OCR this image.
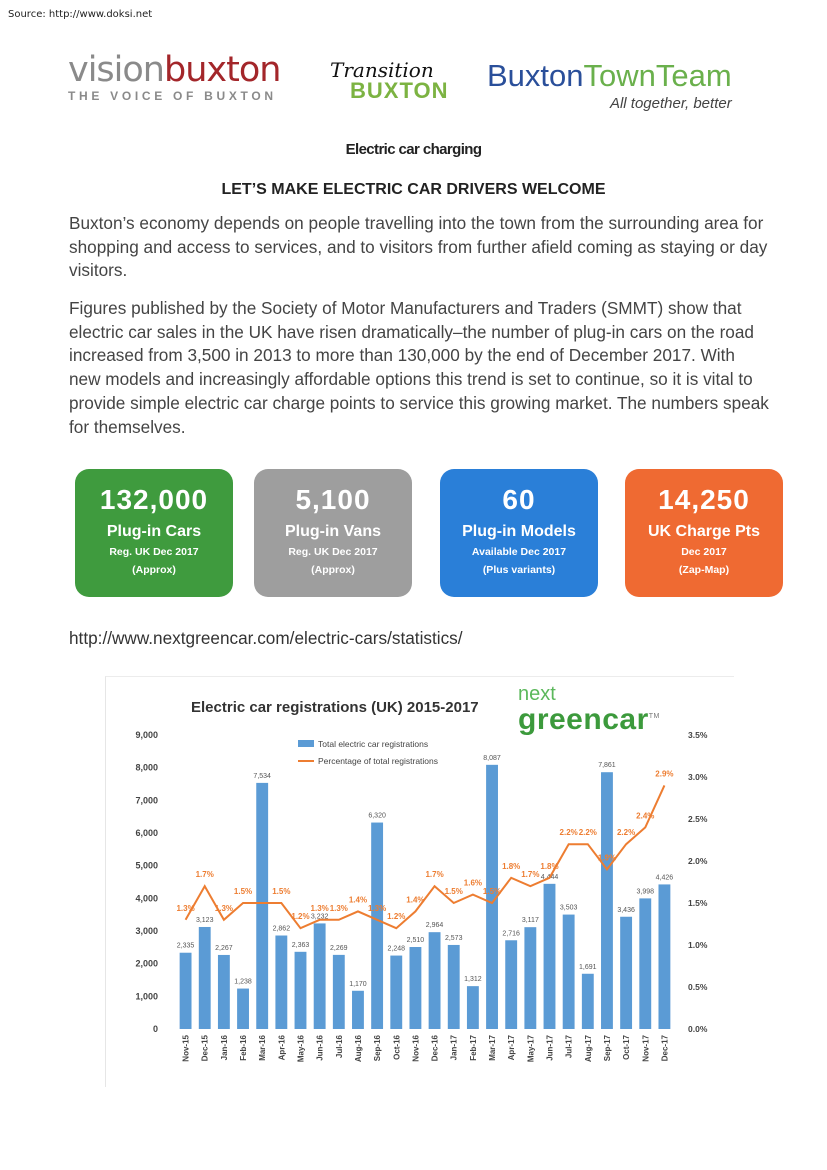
Source: http://www.doksi.net
visionbuxton
THE VOICE OF BUXTON
Transition
BUXTON BuxtonTownTeam
All together, better
Electric car charging
LET’S MAKE ELECTRIC CAR DRIVERS WELCOME
Buxton’s economy depends on people travelling into the town from the surrounding area for shopping and access to services, and to visitors from further afield coming as staying or day visitors.
Figures published by the Society of Motor Manufacturers and Traders (SMMT) show that electric car sales in the UK have risen dramatically–the number of plug-in cars on the road increased from 3,500 in 2013 to more than 130,000 by the end of December 2017. With new models and increasingly affordable options this trend is set to continue, so it is vital to provide simple electric car charge points to service this growing market. The numbers speak for themselves.
132,000
Plug-in Cars
Reg. UK Dec 2017
(Approx)
5,100
Plug-in Vans
Reg. UK Dec 2017
(Approx)
60
Plug-in Models
Available Dec 2017
(Plus variants)
14,250
UK Charge Pts
Dec 2017
(Zap-Map)
http://www.nextgreencar.com/electric-cars/statistics/
Electric car registrations (UK) 2015-2017
0
1,000
2,000
3,000
4,000
5,000
6,000
7,000
8,000
9,000
0.0%
0.5%
1.0%
1.5%
2.0%
2.5%
3.0%
3.5%
2,335
3,123
2,267
1,238
7,534
2,862
2,363
3,232
2,269
1,170
6,320
2,248
2,510
2,964
2,573
1,312
8,087
2,716
3,117
4,444
3,503
1,691
7,861
3,436
3,998
4,426
1.3%
1.7%
1.3%
1.5%	1.5%
1.2%
1.3% 1.3%
1.4%
1.3%
1.2%
1.4%
1.7%
1.5%
1.6%
1.5%
1.8%
1.7%
1.8%
2.2% 2.2%
1.9%
2.2%
2.4%
2.9%
Nov-15 Dec-15 Jan-16 Feb-16 Mar-16 Apr-16 May-16 Jun-16 Jul-16 Aug-16 Sep-16 Oct-16 Nov-16 Dec-16 Jan-17 Feb-17 Mar-17 Apr-17 May-17 Jun-17 Jul-17 Aug-17 Sep-17 Oct-17 Nov-17 Dec-17
Total electric car registrations
Percentage of total registrations
next
greencar™
